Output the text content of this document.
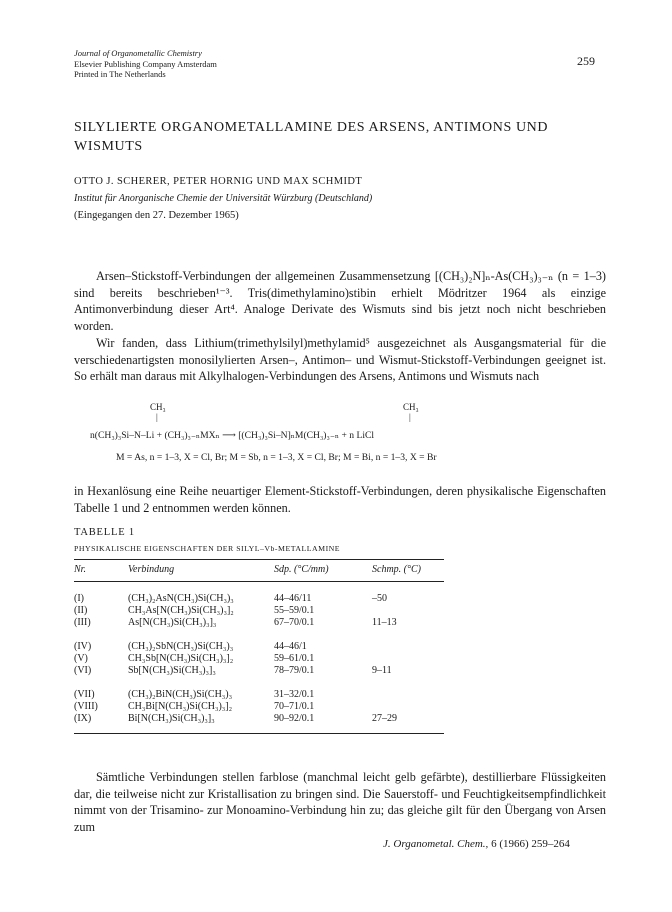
Journal of Organometallic Chemistry
Elsevier Publishing Company Amsterdam
Printed in The Netherlands
259
SILYLIERTE ORGANOMETALLAMINE DES ARSENS, ANTIMONS UND WISMUTS
OTTO J. SCHERER, PETER HORNIG UND MAX SCHMIDT
Institut für Anorganische Chemie der Universität Würzburg (Deutschland)
(Eingegangen den 27. Dezember 1965)
Arsen–Stickstoff-Verbindungen der allgemeinen Zusammensetzung [(CH₃)₂N]ₙ-As(CH₃)₃₋ₙ (n = 1–3) sind bereits beschrieben¹⁻³. Tris(dimethylamino)stibin erhielt Mödritzer 1964 als einzige Antimonverbindung dieser Art⁴. Analoge Derivate des Wismuts sind bis jetzt noch nicht beschrieben worden.
Wir fanden, dass Lithium(trimethylsilyl)methylamid⁵ ausgezeichnet als Ausgangsmaterial für die verschiedenartigsten monosilylierten Arsen–, Antimon– und Wismut-Stickstoff-Verbindungen geeignet ist. So erhält man daraus mit Alkylhalogen-Verbindungen des Arsens, Antimons und Wismuts nach
CH₃
|
CH₃
|
n(CH₃)₃Si–N–Li + (CH₃)₃₋ₙMXₙ ⟶ [(CH₃)₃Si–N]ₙM(CH₃)₃₋ₙ + n LiCl
M = As, n = 1–3, X = Cl, Br; M = Sb, n = 1–3, X = Cl, Br; M = Bi, n = 1–3, X = Br
in Hexanlösung eine Reihe neuartiger Element-Stickstoff-Verbindungen, deren physikalische Eigenschaften Tabelle 1 und 2 entnommen werden können.
TABELLE 1
PHYSIKALISCHE EIGENSCHAFTEN DER SILYL–Vb-METALLAMINE
Nr.	Verbindung	Sdp. (°C/mm)	Schmp. (°C)
(I)	(CH₃)₂AsN(CH₃)Si(CH₃)₃	44–46/11	–50
(II)	CH₃As[N(CH₃)Si(CH₃)₃]₂	55–59/0.1
(III)	As[N(CH₃)Si(CH₃)₃]₃	67–70/0.1	11–13
(IV)	(CH₃)₂SbN(CH₃)Si(CH₃)₃	44–46/1
(V)	CH₃Sb[N(CH₃)Si(CH₃)₃]₂	59–61/0.1
(VI)	Sb[N(CH₃)Si(CH₃)₃]₃	78–79/0.1	9–11
(VII)	(CH₃)₂BiN(CH₃)Si(CH₃)₃	31–32/0.1
(VIII)	CH₃Bi[N(CH₃)Si(CH₃)₃]₂	70–71/0.1
(IX)	Bi[N(CH₃)Si(CH₃)₃]₃	90–92/0.1	27–29
Sämtliche Verbindungen stellen farblose (manchmal leicht gelb gefärbte), destillierbare Flüssigkeiten dar, die teilweise nicht zur Kristallisation zu bringen sind. Die Sauerstoff- und Feuchtigkeitsempfindlichkeit nimmt von der Trisamino- zur Monoamino-Verbindung hin zu; das gleiche gilt für den Übergang von Arsen zum
J. Organometal. Chem., 6 (1966) 259–264
